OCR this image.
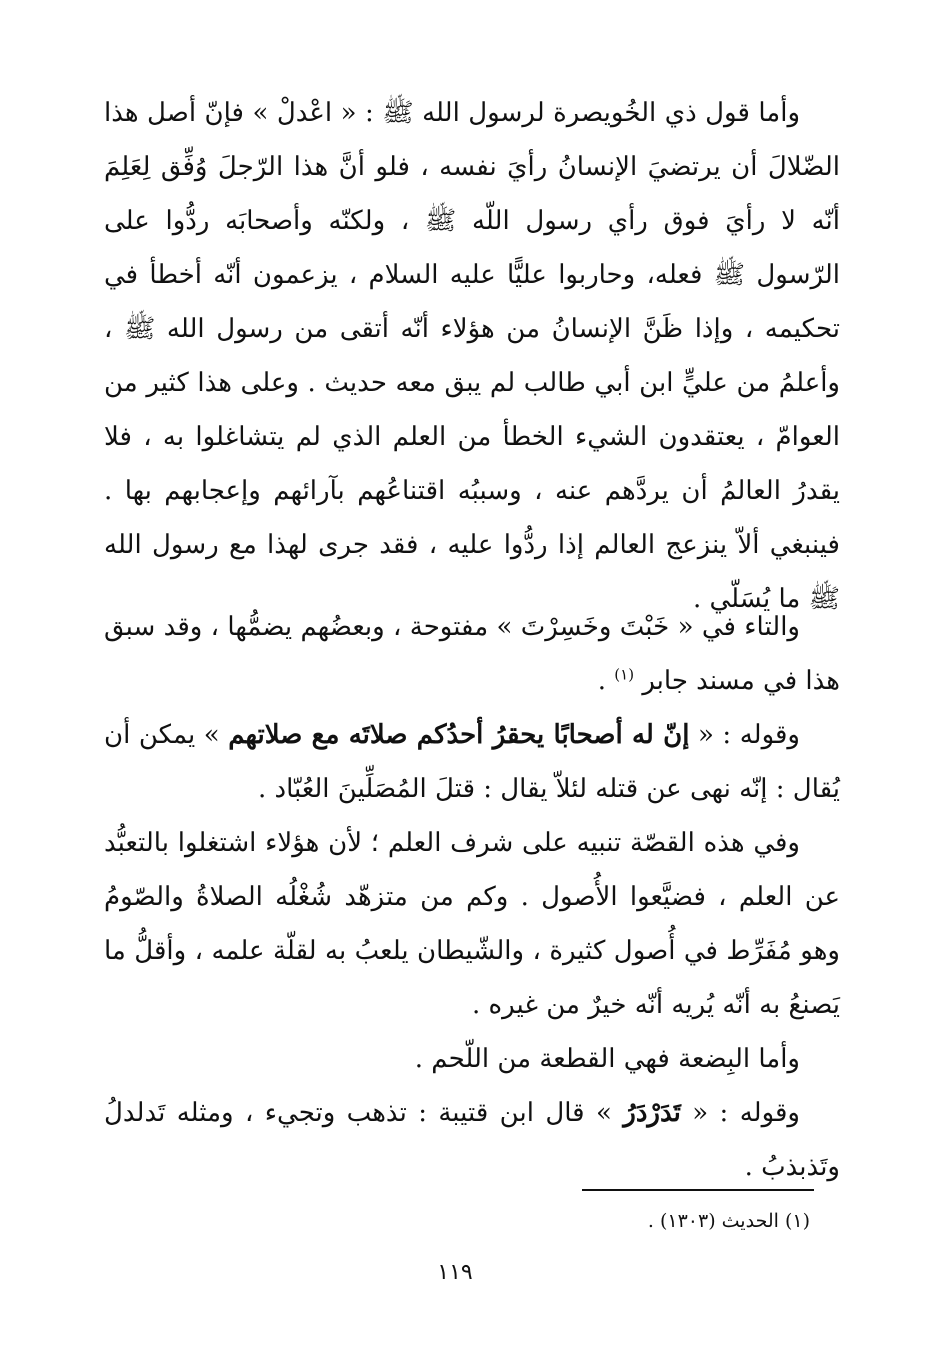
وأما قول ذي الخُويصرة لرسول الله ﷺ : « اعْدلْ » فإنّ أصل هذا الضّلالَ أن يرتضيَ الإنسانُ رأيَ نفسه ، فلو أنَّ هذا الرّجلَ وُفِّق لِعَلِمَ أنّه لا رأيَ فوق رأي رسول اللّه ﷺ ، ولكنّه وأصحابَه ردُّوا على الرّسول ﷺ فعله، وحاربوا عليًّا عليه السلام ، يزعمون أنّه أخطأ في تحكيمه ، وإذا ظَنَّ الإنسانُ من هؤلاء أنّه أتقى من رسول الله ﷺ ، وأعلمُ من عليٍّ ابن أبي طالب لم يبق معه حديث . وعلى هذا كثير من العوامّ ، يعتقدون الشيء الخطأ من العلم الذي لم يتشاغلوا به ، فلا يقدرُ العالمُ أن يردَّهم عنه ، وسببُه اقتناعُهم بآرائهم وإعجابهم بها . فينبغي ألاّ ينزعج العالم إذا ردُّوا عليه ، فقد جرى لهذا مع رسول الله ﷺ ما يُسَلّي .

والتاء في « خَبْتَ وخَسِرْتَ » مفتوحة ، وبعضُهم يضمُّها ، وقد سبق هذا في مسند جابر $^{(١)}$ .

وقوله : « إنّ له أصحابًا يحقرُ أحدُكم صلاتَه مع صلاتهم » يمكن أن يُقال : إنّه نهى عن قتله لئلاّ يقال : قتلَ المُصَلِّينَ العُبّاد .

وفي هذه القصّة تنبيه على شرف العلم ؛ لأن هؤلاء اشتغلوا بالتعبُّد عن العلم ، فضيَّعوا الأُصول . وكم من متزهّد شُغْلُه الصلاةُ والصّومُ وهو مُفَرِّط في أُصول كثيرة ، والشّيطان يلعبُ به لقلّة علمه ، وأقلُّ ما يَصنعُ به أنّه يُريه أنّه خيرٌ من غيره .

وأما البِضعة فهي القطعة من اللّحم .

وقوله : « تَدَرْدَرُ » قال ابن قتيبة : تذهب وتجيء ، ومثله تَدلدلُ وتَذبذبُ .

(١) الحديث (١٣٠٣) .
١١٩
